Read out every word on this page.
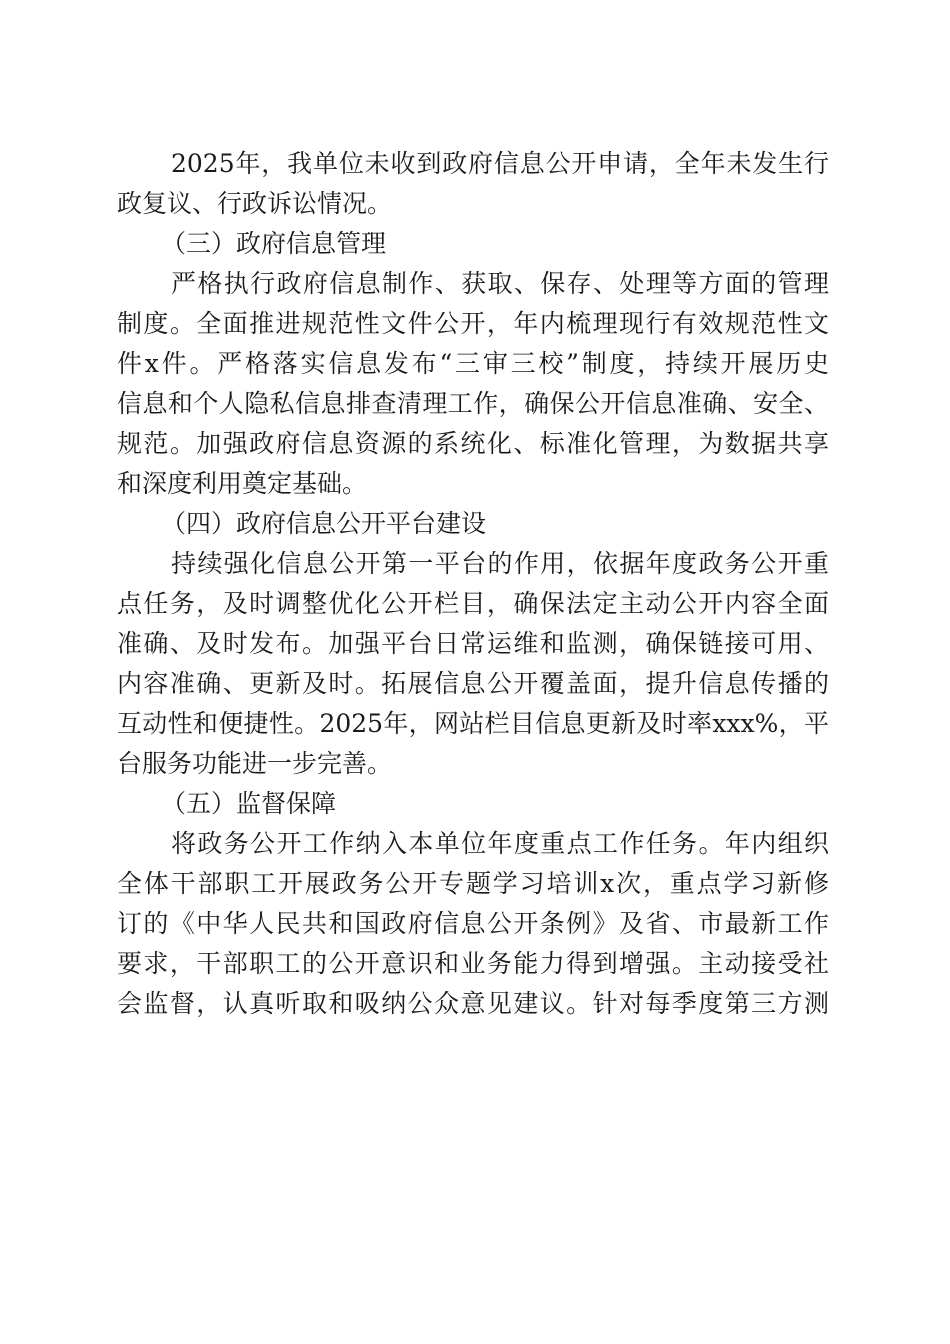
2025年，我单位未收到政府信息公开申请，全年未发生行
政复议、行政诉讼情况。
（三）政府信息管理
严格执行政府信息制作、获取、保存、处理等方面的管理
制度。全面推进规范性文件公开，年内梳理现行有效规范性文
件x件。严格落实信息发布“三审三校”制度，持续开展历史
信息和个人隐私信息排查清理工作，确保公开信息准确、安全、
规范。加强政府信息资源的系统化、标准化管理，为数据共享
和深度利用奠定基础。
（四）政府信息公开平台建设
持续强化信息公开第一平台的作用，依据年度政务公开重
点任务，及时调整优化公开栏目，确保法定主动公开内容全面
准确、及时发布。加强平台日常运维和监测，确保链接可用、
内容准确、更新及时。拓展信息公开覆盖面，提升信息传播的
互动性和便捷性。2025年，网站栏目信息更新及时率xxx%，平
台服务功能进一步完善。
（五）监督保障
将政务公开工作纳入本单位年度重点工作任务。年内组织
全体干部职工开展政务公开专题学习培训x次，重点学习新修
订的《中华人民共和国政府信息公开条例》及省、市最新工作
要求，干部职工的公开意识和业务能力得到增强。主动接受社
会监督，认真听取和吸纳公众意见建议。针对每季度第三方测
